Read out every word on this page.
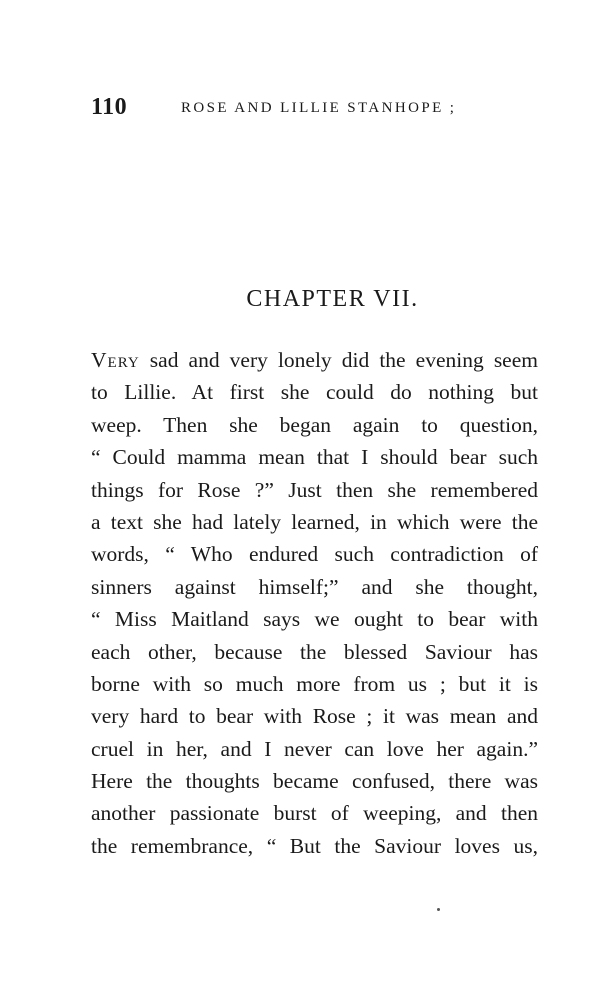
110	ROSE AND LILLIE STANHOPE ;
CHAPTER VII.
Very sad and very lonely did the evening seem
to Lillie. At first she could do nothing but
weep. Then she began again to question,
“ Could mamma mean that I should bear such
things for Rose ?” Just then she remembered
a text she had lately learned, in which were the
words, “ Who endured such contradiction of
sinners against himself;” and she thought,
“ Miss Maitland says we ought to bear with
each other, because the blessed Saviour has
borne with so much more from us ; but it is
very hard to bear with Rose ; it was mean and
cruel in her, and I never can love her again.”
Here the thoughts became confused, there was
another passionate burst of weeping, and then
the remembrance, “ But the Saviour loves us,
